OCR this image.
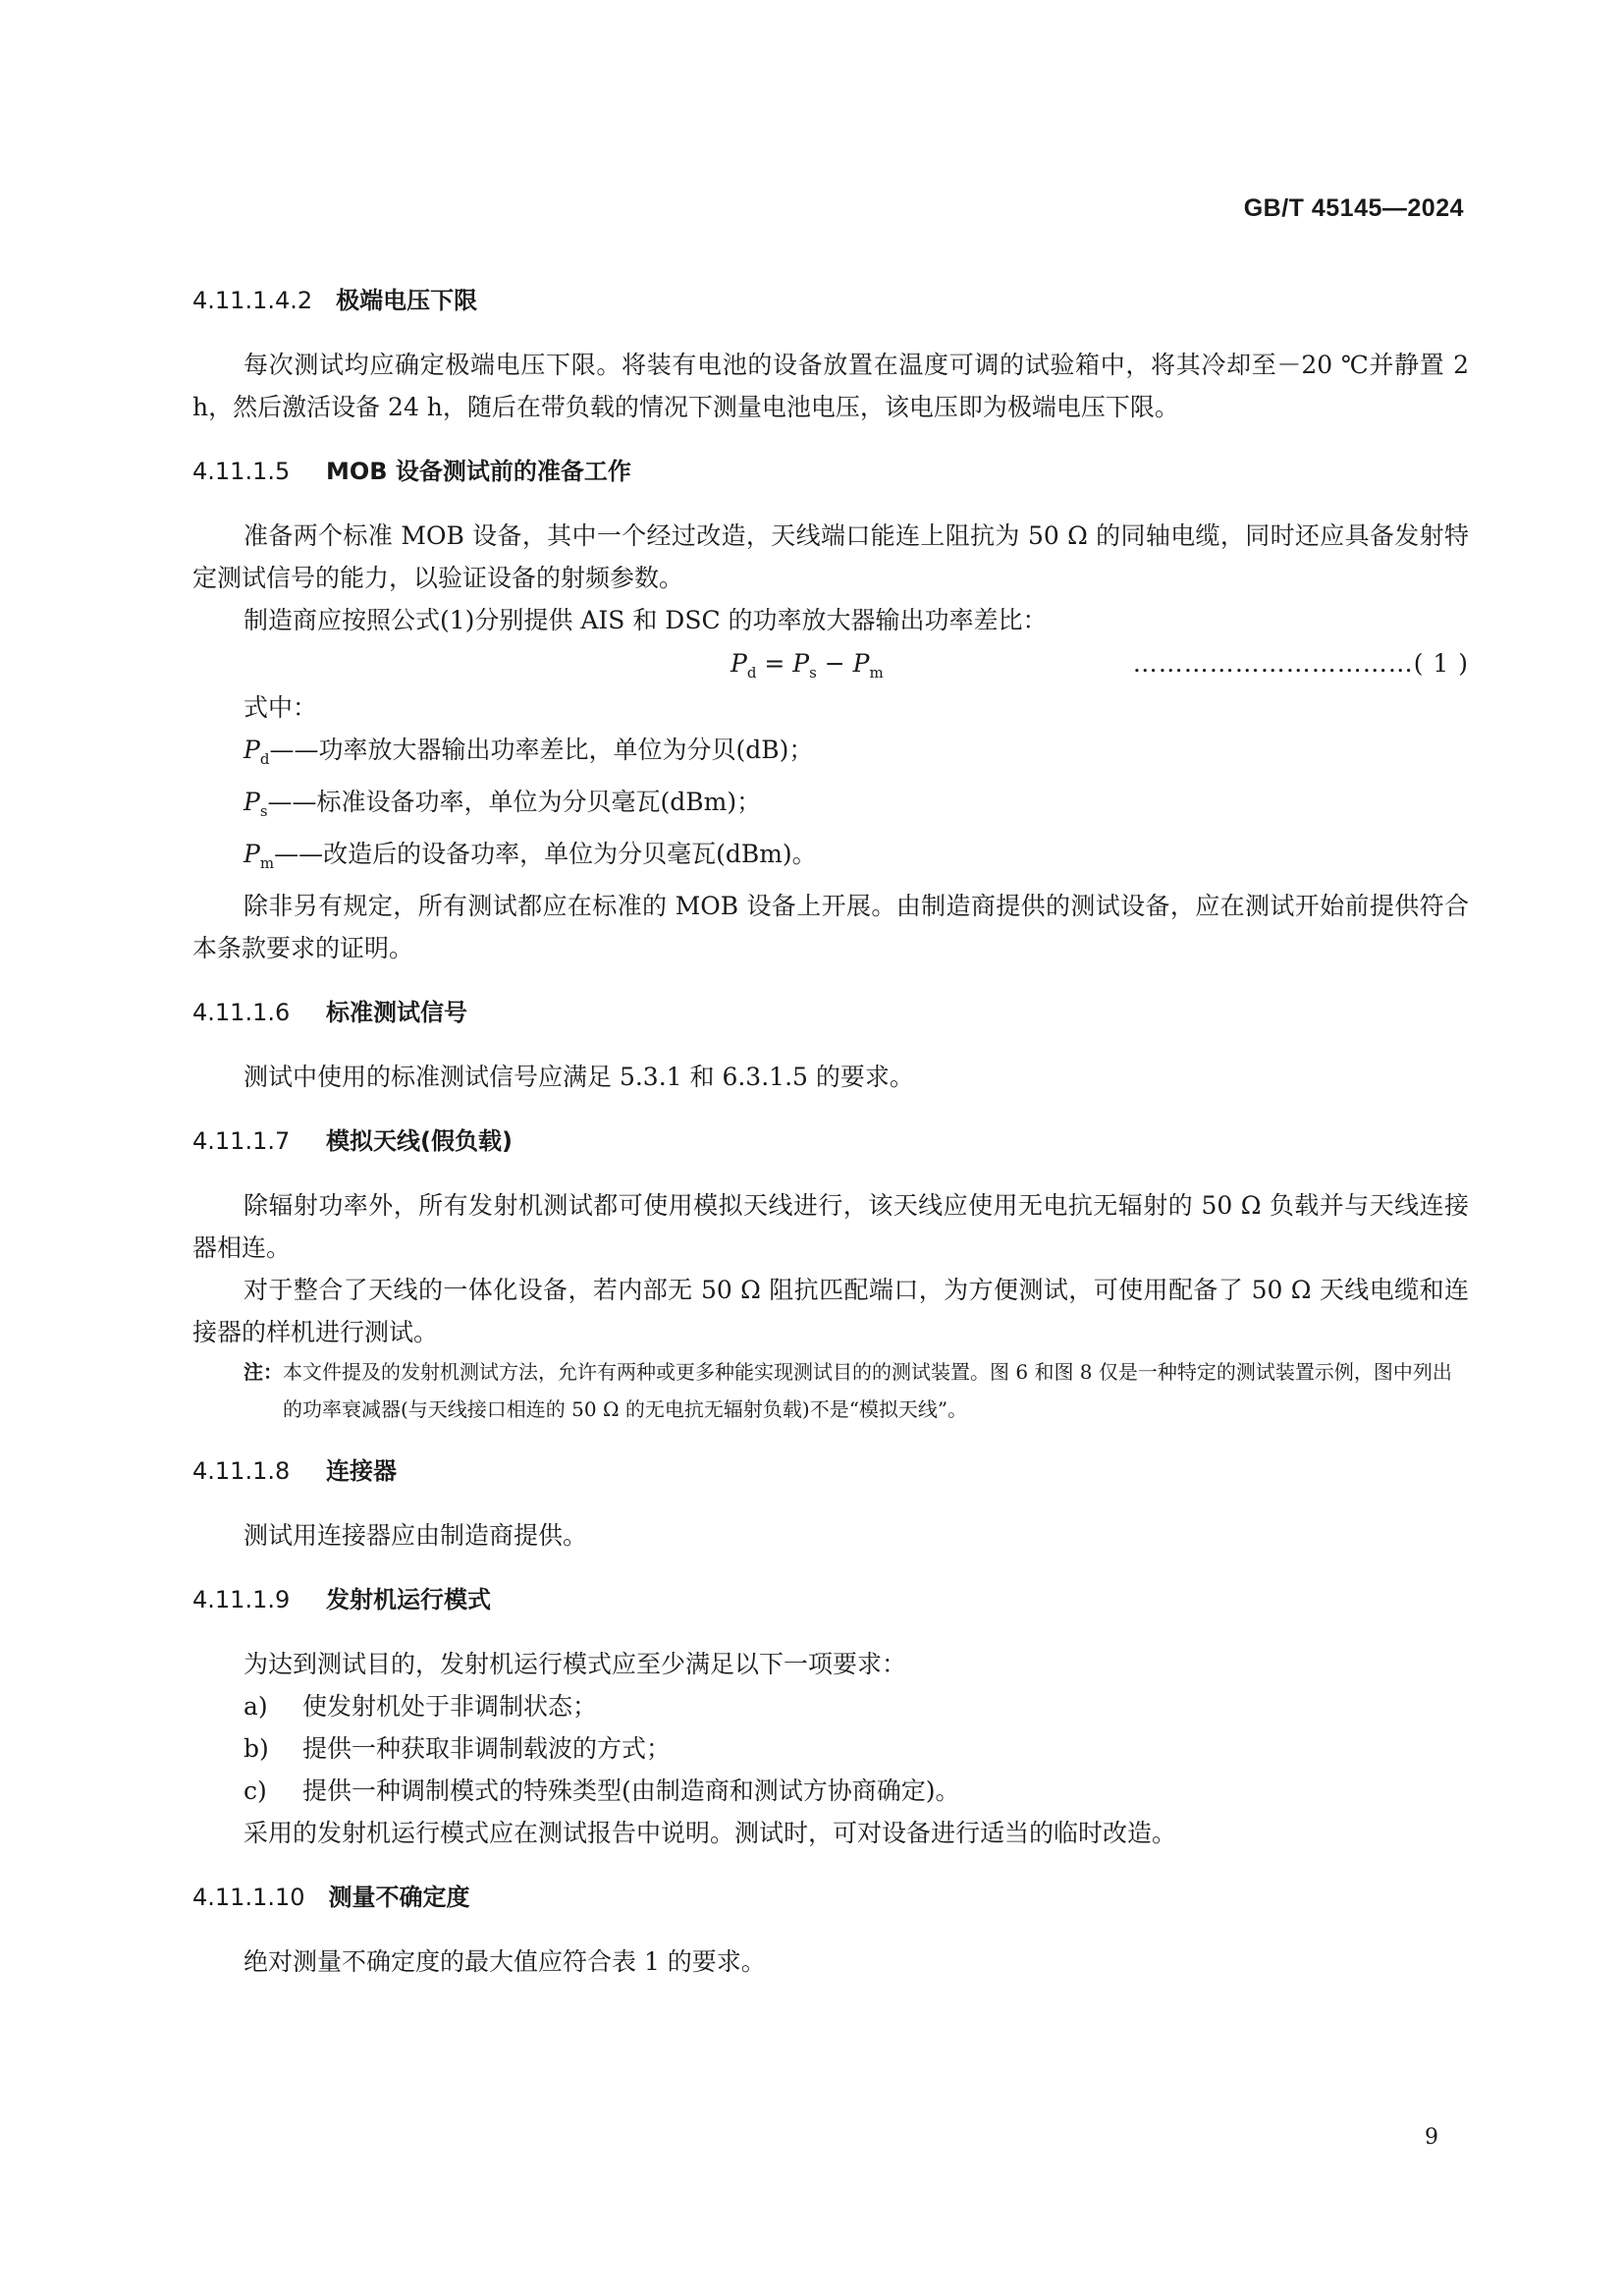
GB/T 45145—2024
4.11.1.4.2 极端电压下限

每次测试均应确定极端电压下限。将装有电池的设备放置在温度可调的试验箱中，将其冷却至－20 ℃并静置 2 h，然后激活设备 24 h，随后在带负载的情况下测量电池电压，该电压即为极端电压下限。

4.11.1.5	MOB 设备测试前的准备工作

准备两个标准 MOB 设备，其中一个经过改造，天线端口能连上阻抗为 50 Ω 的同轴电缆，同时还应具备发射特定测试信号的能力，以验证设备的射频参数。

制造商应按照公式(1)分别提供 AIS 和 DSC 的功率放大器输出功率差比：

$P_d = P_s - P_m$	……………………………( 1 )

式中：

$P_d——$功率放大器输出功率差比，单位为分贝(dB)；

$P_s——$标准设备功率，单位为分贝毫瓦(dBm)；

$P_m——$改造后的设备功率，单位为分贝毫瓦(dBm)。

除非另有规定，所有测试都应在标准的 MOB 设备上开展。由制造商提供的测试设备，应在测试开始前提供符合本条款要求的证明。

4.11.1.6	标准测试信号

测试中使用的标准测试信号应满足 5.3.1 和 6.3.1.5 的要求。

4.11.1.7	模拟天线(假负载)

除辐射功率外，所有发射机测试都可使用模拟天线进行，该天线应使用无电抗无辐射的 50 Ω 负载并与天线连接器相连。

对于整合了天线的一体化设备，若内部无 50 Ω 阻抗匹配端口，为方便测试，可使用配备了 50 Ω 天线电缆和连接器的样机进行测试。

注： 本文件提及的发射机测试方法，允许有两种或更多种能实现测试目的的测试装置。图 6 和图 8 仅是一种特定的测试装置示例，图中列出的功率衰减器(与天线接口相连的 50 Ω 的无电抗无辐射负载)不是“模拟天线”。
4.11.1.8	连接器

测试用连接器应由制造商提供。

4.11.1.9	发射机运行模式

为达到测试目的，发射机运行模式应至少满足以下一项要求：

a) 使发射机处于非调制状态；

b) 提供一种获取非调制载波的方式；

c) 提供一种调制模式的特殊类型(由制造商和测试方协商确定)。

采用的发射机运行模式应在测试报告中说明。测试时，可对设备进行适当的临时改造。

4.11.1.10 测量不确定度

绝对测量不确定度的最大值应符合表 1 的要求。

9
